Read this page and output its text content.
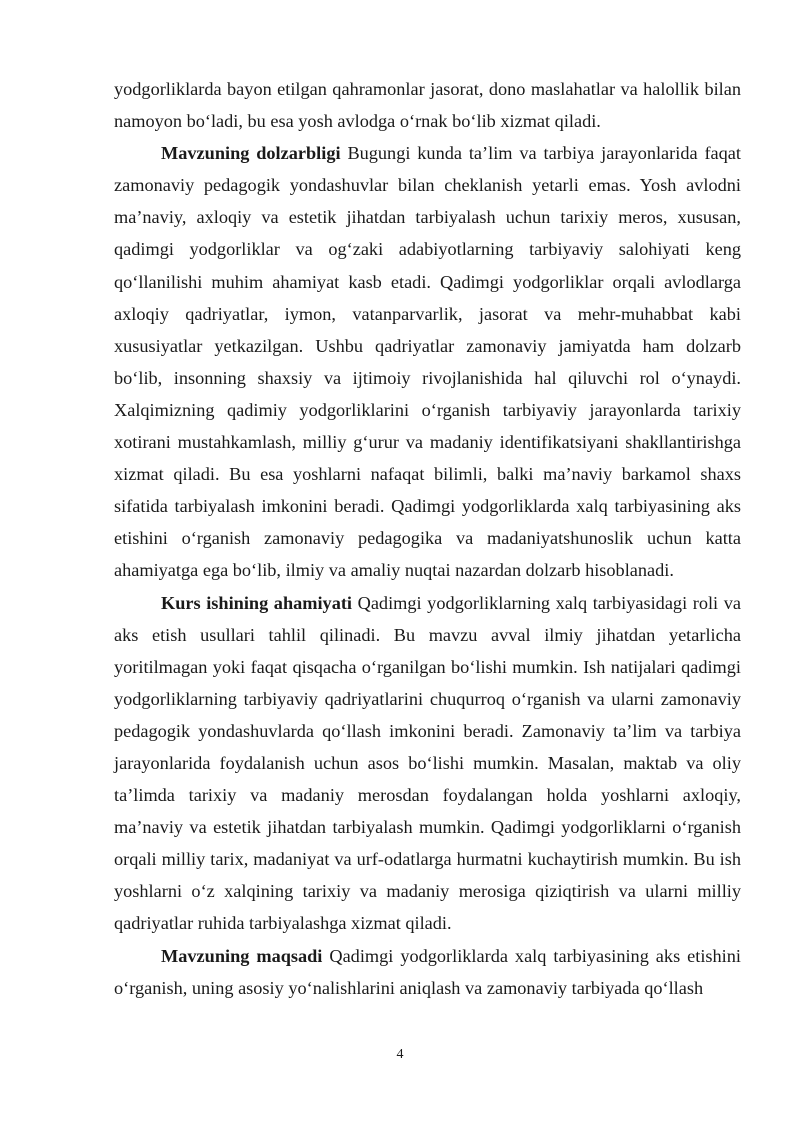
yodgorliklarda bayon etilgan qahramonlar jasorat, dono maslahatlar va halollik bilan namoyon boʻladi, bu esa yosh avlodga oʻrnak boʻlib xizmat qiladi.

Mavzuning dolzarbligi Bugungi kunda taʼlim va tarbiya jarayonlarida faqat zamonaviy pedagogik yondashuvlar bilan cheklanish yetarli emas. Yosh avlodni maʼnaviy, axloqiy va estetik jihatdan tarbiyalash uchun tarixiy meros, xususan, qadimgi yodgorliklar va ogʻzaki adabiyotlarning tarbiyaviy salohiyati keng qoʻllanilishi muhim ahamiyat kasb etadi. Qadimgi yodgorliklar orqali avlodlarga axloqiy qadriyatlar, iymon, vatanparvarlik, jasorat va mehr-muhabbat kabi xususiyatlar yetkazilgan. Ushbu qadriyatlar zamonaviy jamiyatda ham dolzarb boʻlib, insonning shaxsiy va ijtimoiy rivojlanishida hal qiluvchi rol oʻynaydi. Xalqimizning qadimiy yodgorliklarini oʻrganish tarbiyaviy jarayonlarda tarixiy xotirani mustahkamlash, milliy gʻurur va madaniy identifikatsiyani shakllantirishga xizmat qiladi. Bu esa yoshlarni nafaqat bilimli, balki maʼnaviy barkamol shaxs sifatida tarbiyalash imkonini beradi. Qadimgi yodgorliklarda xalq tarbiyasining aks etishini oʻrganish zamonaviy pedagogika va madaniyatshunoslik uchun katta ahamiyatga ega boʻlib, ilmiy va amaliy nuqtai nazardan dolzarb hisoblanadi.

Kurs ishining ahamiyati Qadimgi yodgorliklarning xalq tarbiyasidagi roli va aks etish usullari tahlil qilinadi. Bu mavzu avval ilmiy jihatdan yetarlicha yoritilmagan yoki faqat qisqacha oʻrganilgan boʻlishi mumkin. Ish natijalari qadimgi yodgorliklarning tarbiyaviy qadriyatlarini chuqurroq oʻrganish va ularni zamonaviy pedagogik yondashuvlarda qoʻllash imkonini beradi. Zamonaviy taʼlim va tarbiya jarayonlarida foydalanish uchun asos boʻlishi mumkin. Masalan, maktab va oliy taʼlimda tarixiy va madaniy merosdan foydalangan holda yoshlarni axloqiy, maʼnaviy va estetik jihatdan tarbiyalash mumkin. Qadimgi yodgorliklarni oʻrganish orqali milliy tarix, madaniyat va urf-odatlarga hurmatni kuchaytirish mumkin. Bu ish yoshlarni oʻz xalqining tarixiy va madaniy merosiga qiziqtirish va ularni milliy qadriyatlar ruhida tarbiyalashga xizmat qiladi.

Mavzuning maqsadi Qadimgi yodgorliklarda xalq tarbiyasining aks etishini oʻrganish, uning asosiy yoʻnalishlarini aniqlash va zamonaviy tarbiyada qoʻllash

4
